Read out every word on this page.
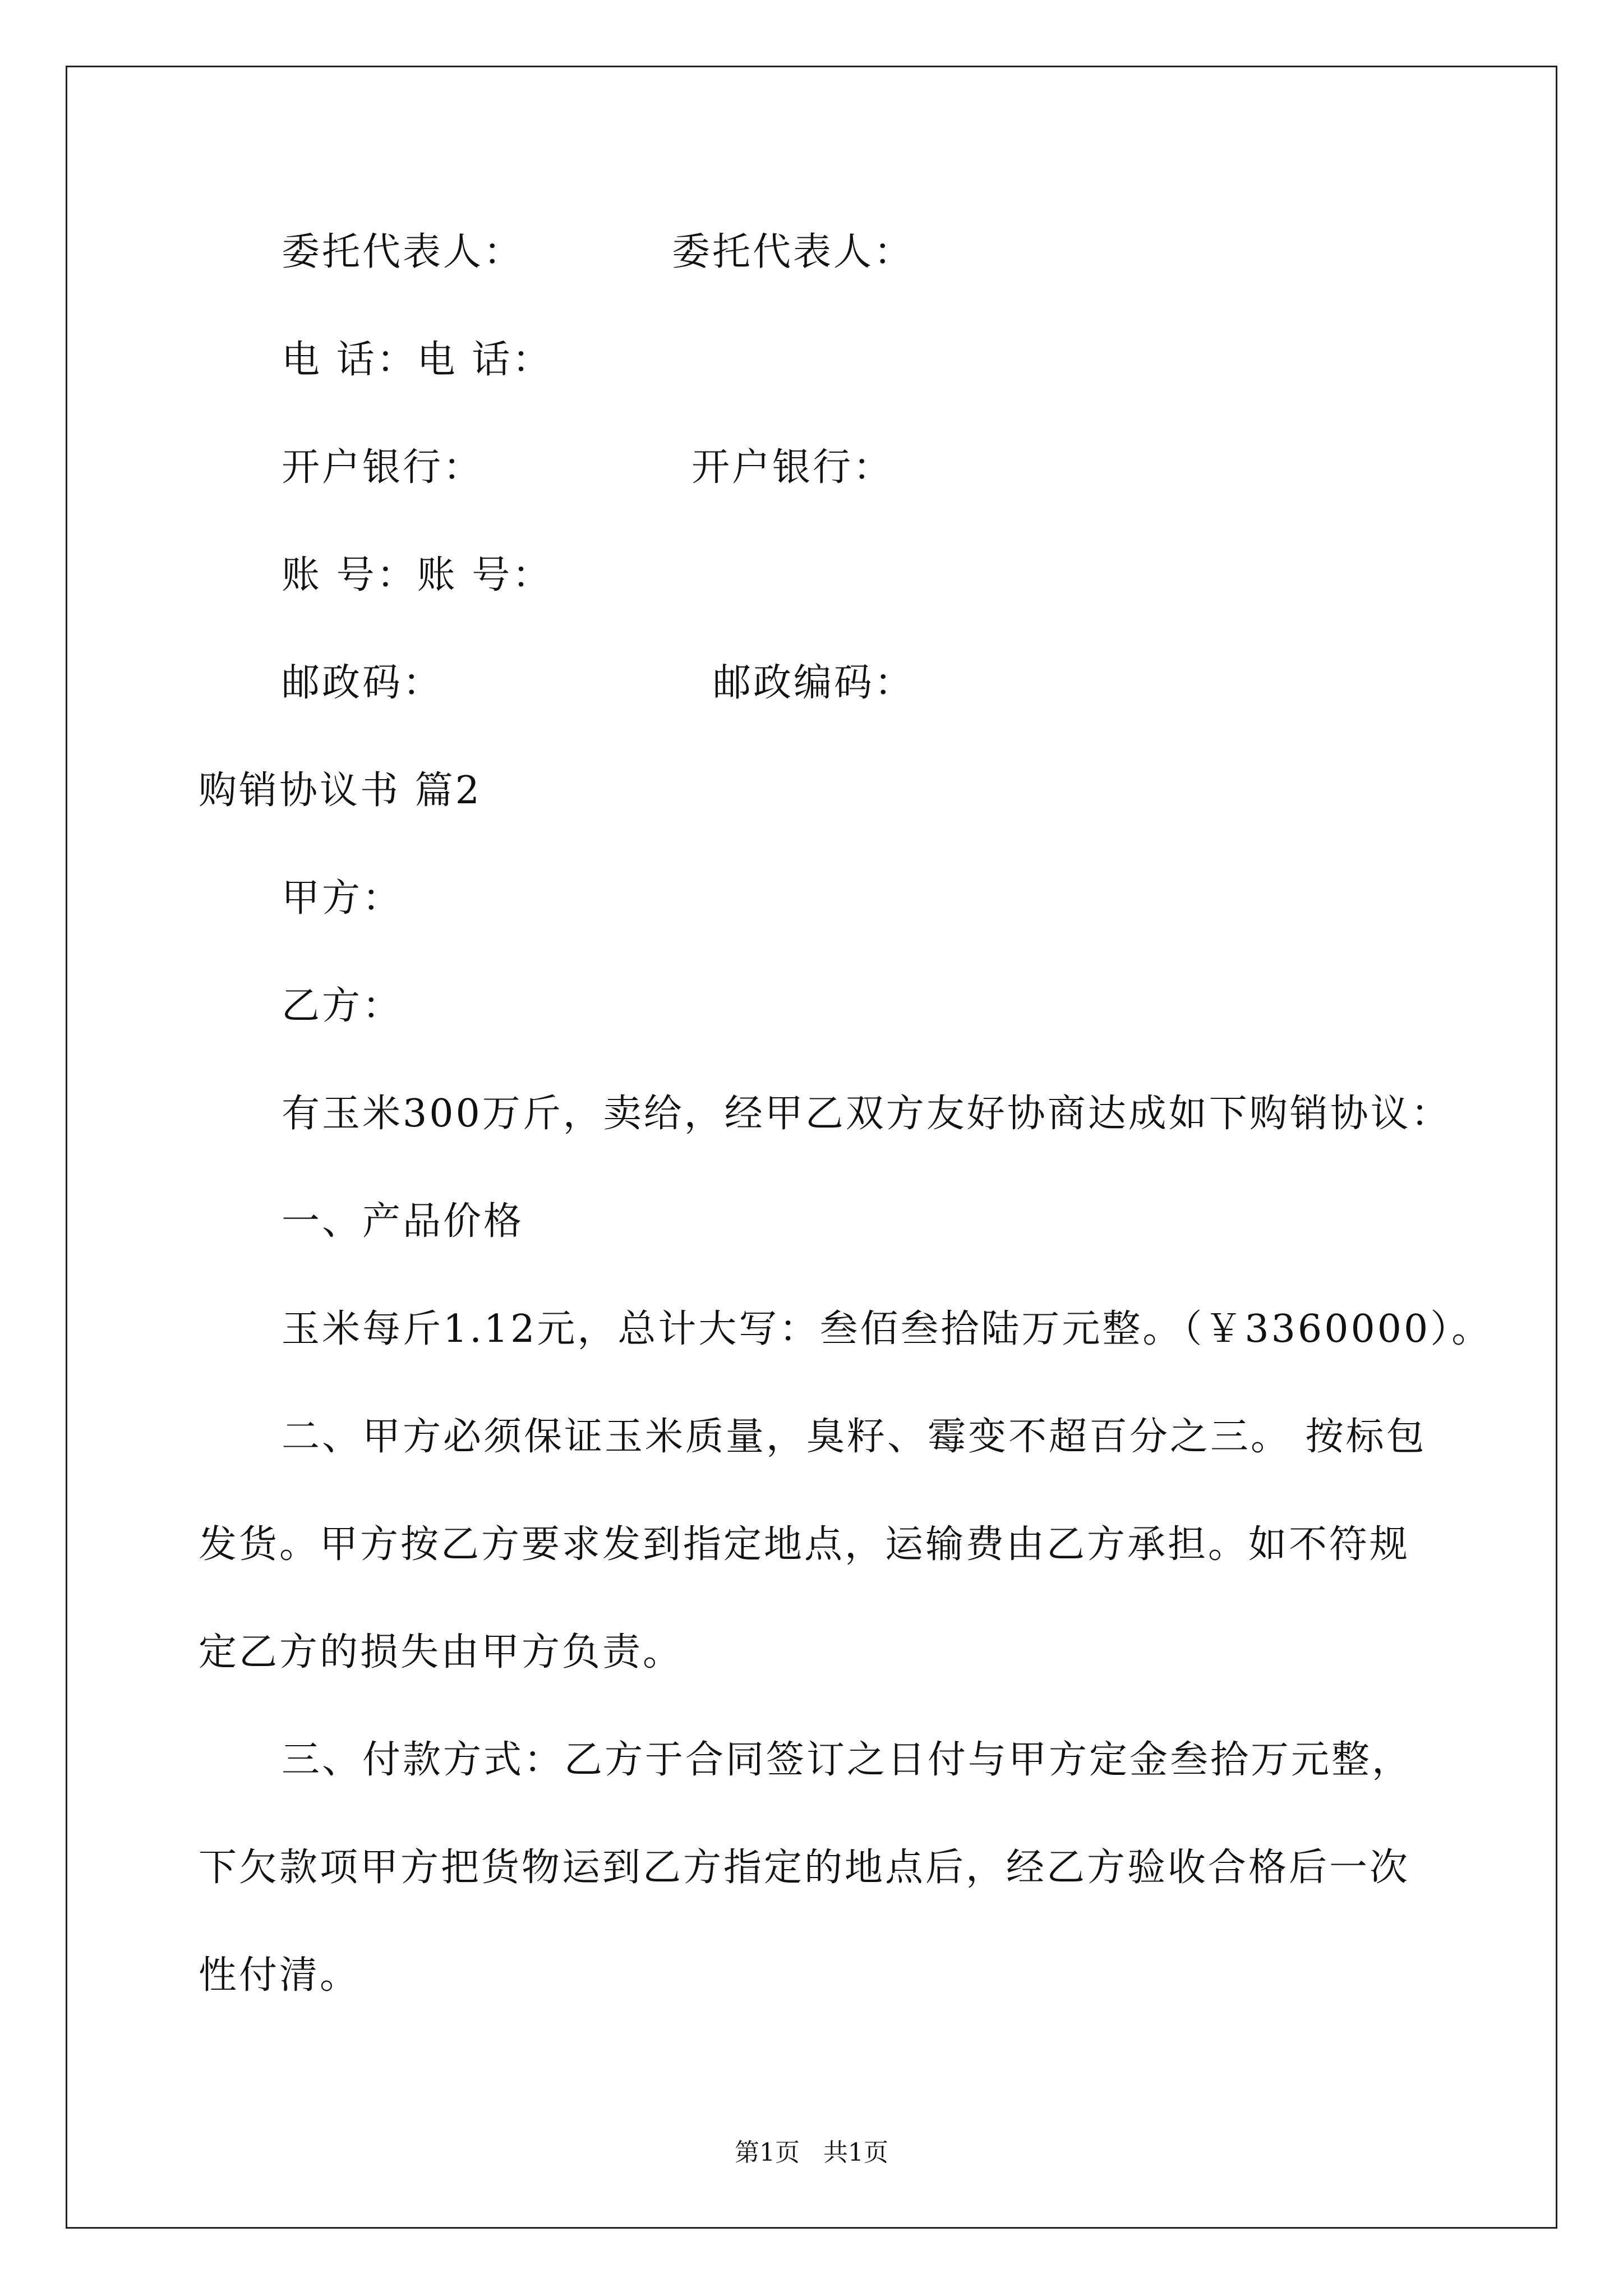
委托代表人：	委托代表人：
电 话：电 话：
开户银行：	开户银行：
账 号：账 号：
邮政码：	邮政编码：
购销协议书 篇2
甲方：
乙方：
有玉米300万斤，卖给，经甲乙双方友好协商达成如下购销协议：
一、产品价格
玉米每斤1.12元，总计大写：叁佰叁拾陆万元整。（￥3360000）。
二、甲方必须保证玉米质量，臭籽、霉变不超百分之三。 按标包
发货。甲方按乙方要求发到指定地点，运输费由乙方承担。如不符规
定乙方的损失由甲方负责。
三、付款方式：乙方于合同签订之日付与甲方定金叁拾万元整，
下欠款项甲方把货物运到乙方指定的地点后，经乙方验收合格后一次
性付清。
第1页   共1页
